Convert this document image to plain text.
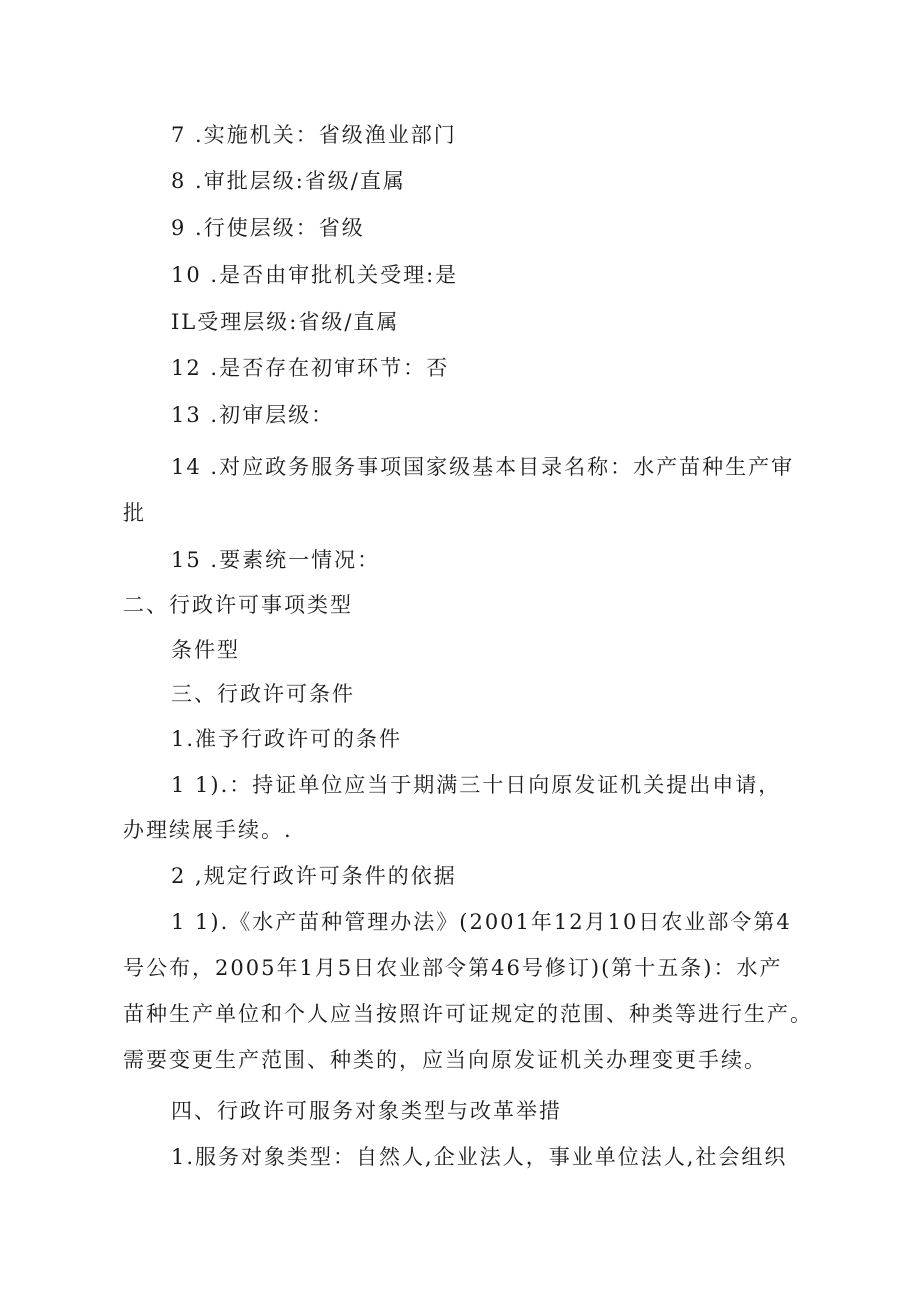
7 .实施机关：省级渔业部门
8 .审批层级:省级/直属
9 .行使层级：省级
10 .是否由审批机关受理:是
IL受理层级:省级/直属
12 .是否存在初审环节：否
13 .初审层级：
14 .对应政务服务事项国家级基本目录名称：水产苗种生产审
批
15 .要素统一情况：
二、行政许可事项类型
条件型
三、行政许可条件
1.准予行政许可的条件
1 1).：持证单位应当于期满三十日向原发证机关提出申请，
办理续展手续。.
2 ,规定行政许可条件的依据
1 1).《水产苗种管理办法》(2001年12月10日农业部令第4
号公布，2005年1月5日农业部令第46号修订)(第十五条)：水产
苗种生产单位和个人应当按照许可证规定的范围、种类等进行生产。
需要变更生产范围、种类的，应当向原发证机关办理变更手续。
四、行政许可服务对象类型与改革举措
1.服务对象类型：自然人,企业法人，事业单位法人,社会组织
